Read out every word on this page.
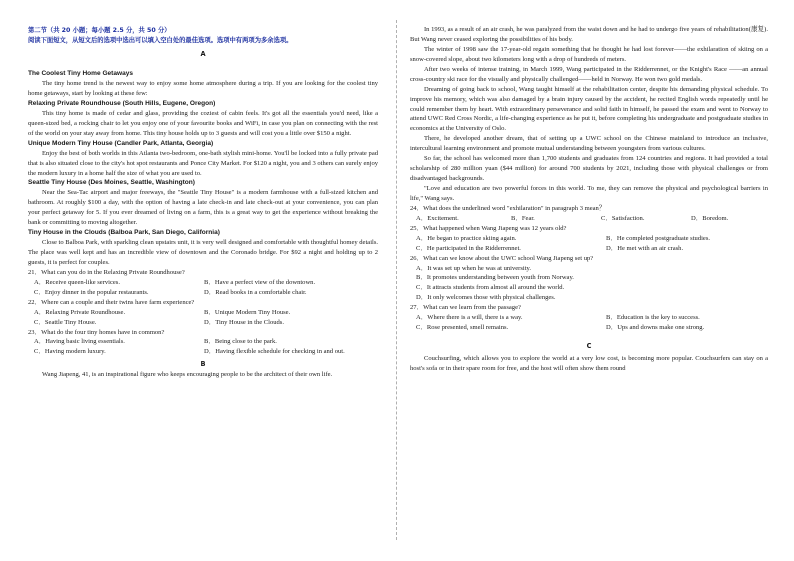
第二节（共 20 小题；每小题 2.5 分，共 50 分）
阅读下面短文，从短文后的选项中选出可以填入空白处的最佳选项。选项中有两项为多余选项。
A
The Coolest Tiny Home Getaways

The tiny home trend is the newest way to enjoy some home atmosphere during a trip. If you are looking for the coolest tiny home getaways, start by looking at these few:

Relaxing Private Roundhouse (South Hills, Eugene, Oregon)

This tiny home is made of cedar and glass, providing the coziest of cabin feels. It's got all the essentials you'd need, like a queen-sized bed, a rocking chair to let you enjoy one of your favourite books and WiFi, in case you plan on connecting with the rest of the world on your stay away from home. This tiny house holds up to 3 guests and will cost you a little over $150 a night.

Unique Modern Tiny House (Candler Park, Atlanta, Georgia)

Enjoy the best of both worlds in this Atlanta two-bedroom, one-bath stylish mini-home. You'll be locked into a fully private pad that is also situated close to the city's hot spot restaurants and Ponce City Market. For $120 a night, you and 3 others can surely enjoy the modern luxury in a home half the size of what you are used to.

Seattle Tiny House (Des Moines, Seattle, Washington)

Near the Sea-Tac airport and major freeways, the "Seattle Tiny House" is a modern farmhouse with a full-sized kitchen and bathroom. At roughly $100 a day, with the option of having a late check-in and late check-out at your convenience, you can plan your perfect getaway for 5. If you ever dreamed of living on a farm, this is a great way to get the experience without breaking the bank or committing to moving altogether.

Tiny House in the Clouds (Balboa Park, San Diego, California)

Close to Balboa Park, with sparkling clean upstairs unit, it is very well designed and comfortable with thoughtful homey details. The place was well kept and has an incredible view of downtown and the Coronado bridge. For $92 a night and holding up to 2 guests, it is perfect for couples.

21．What can you do in the Relaxing Private Roundhouse?
A．Receive queen-like services.	B．Have a perfect view of the downtown.
C．Enjoy dinner in the popular restaurants.	D．Read books in a comfortable chair.
22．Where can a couple and their twins have farm experience?
A．Relaxing Private Roundhouse.	B．Unique Modern Tiny House.
C．Seattle Tiny House.	D．Tiny House in the Clouds.
23．What do the four tiny homes have in common?
A．Having basic living essentials.	B．Being close to the park.
C．Having modern luxury.	D．Having flexible schedule for checking in and out.
B

Wang Jiapeng, 41, is an inspirational figure who keeps encouraging people to be the architect of their own life.

In 1993, as a result of an air crash, he was paralyzed from the waist down and he had to undergo five years of rehabilitation(康复). But Wang never ceased exploring the possibilities of his body.

The winter of 1998 saw the 17-year-old regain something that he thought he had lost forever——the exhilaration of skiing on a snow-covered slope, about two kilometers long with a drop of hundreds of meters.

After two weeks of intense training, in March 1999, Wang participated in the Ridderrennet, or the Knight's Race ——an annual cross-country ski race for the visually and physically challenged——held in Norway. He won two gold medals.

Dreaming of going back to school, Wang taught himself at the rehabilitation center, despite his demanding physical schedule. To improve his memory, which was also damaged by a brain injury caused by the accident, he recited English words repeatedly until he could remember them by heart. With extraordinary perseverance and solid faith in himself, he passed the exam and went to Norway to attend UWC Red Cross Nordic, a life-changing experience as he put it, before completing his undergraduate and postgraduate studies in economics at the University of Oslo.

There, he developed another dream, that of setting up a UWC school on the Chinese mainland to introduce an inclusive, intercultural learning environment and promote mutual understanding between youngsters from various cultures.

So far, the school has welcomed more than 1,700 students and graduates from 124 countries and regions. It had provided a total scholarship of 280 million yuan ($44 million) for around 700 students by 2021, including those with physical challenges or from disadvantaged backgrounds.

"Love and education are two powerful forces in this world. To me, they can remove the physical and psychological barriers in life," Wang says.

24．What does the underlined word "exhilaration" in paragraph 3 mean？
A．Excitement.	B．Fear.	C．Satisfaction.	D．Boredom.
25．What happened when Wang Jiapeng was 12 years old?
A．He began to practice skiing again.	B．He completed postgraduate studies.
C．He participated in the Ridderrennet.	D．He met with an air crash.
26．What can we know about the UWC school Wang Jiapeng set up?
A．It was set up when he was at university.
B．It promotes understanding between youth from Norway.
C．It attracts students from almost all around the world.
D．It only welcomes those with physical challenges.
27．What can we learn from the passage?
A．Where there is a will, there is a way.	B．Education is the key to success.
C．Rose presented, smell remains.	D．Ups and downs make one strong.
C

Couchsurfing, which allows you to explore the world at a very low cost, is becoming more popular. Couchsurfers can stay on a host's sofa or in their spare room for free, and the host will often show them round
